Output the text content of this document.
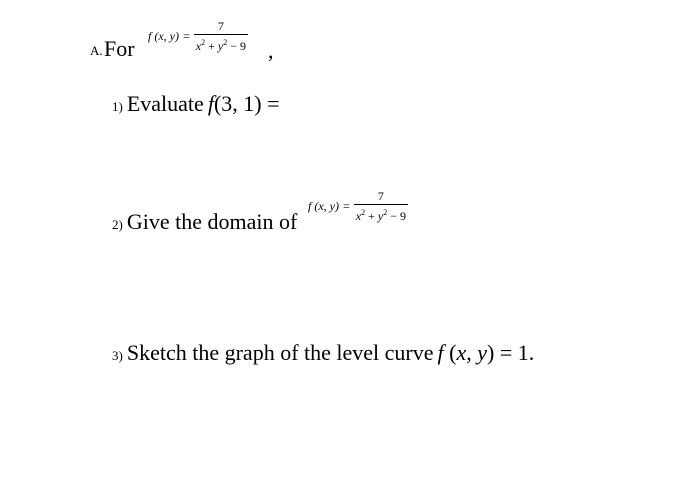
A. For
f (x, $y) = \frac{7}{x^2 + y^2 - 9}$ ,
1) Evaluate f(3, 1) =
2) Give the domain of
f (x, $y) = \frac{7}{x^2 + y^2 - 9}$
3) Sketch the graph of the level curve f (x, y) = 1.
